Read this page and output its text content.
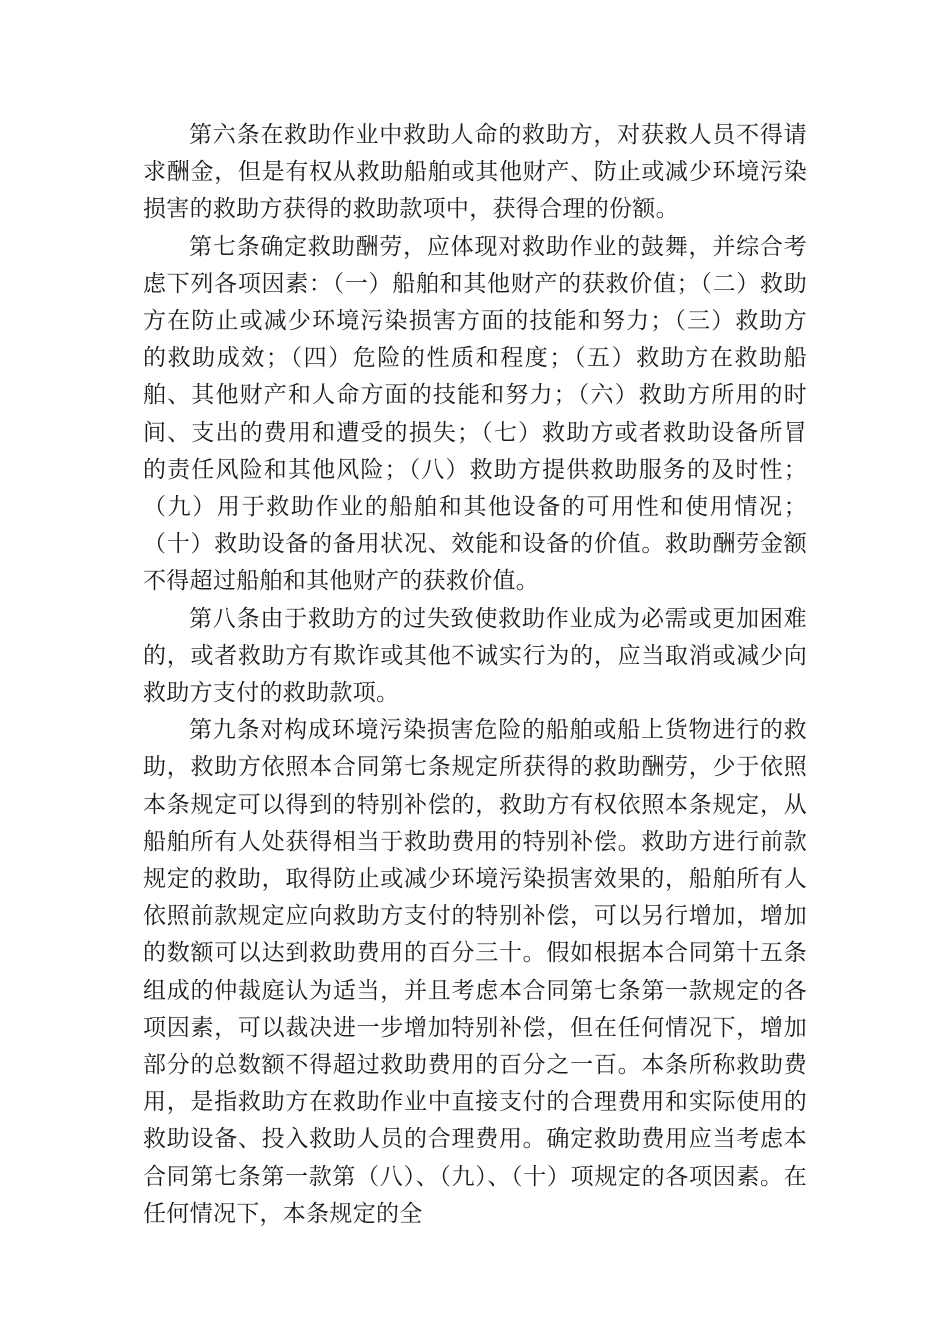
第六条在救助作业中救助人命的救助方，对获救人员不得请求酬金，但是有权从救助船舶或其他财产、防止或减少环境污染损害的救助方获得的救助款项中，获得合理的份额。

第七条确定救助酬劳，应体现对救助作业的鼓舞，并综合考虑下列各项因素：（一）船舶和其他财产的获救价值；（二）救助方在防止或减少环境污染损害方面的技能和努力；（三）救助方的救助成效；（四）危险的性质和程度；（五）救助方在救助船舶、其他财产和人命方面的技能和努力；（六）救助方所用的时间、支出的费用和遭受的损失；（七）救助方或者救助设备所冒的责任风险和其他风险；（八）救助方提供救助服务的及时性；（九）用于救助作业的船舶和其他设备的可用性和使用情况；（十）救助设备的备用状况、效能和设备的价值。救助酬劳金额不得超过船舶和其他财产的获救价值。

第八条由于救助方的过失致使救助作业成为必需或更加困难的，或者救助方有欺诈或其他不诚实行为的，应当取消或减少向救助方支付的救助款项。

第九条对构成环境污染损害危险的船舶或船上货物进行的救助，救助方依照本合同第七条规定所获得的救助酬劳，少于依照本条规定可以得到的特别补偿的，救助方有权依照本条规定，从船舶所有人处获得相当于救助费用的特别补偿。救助方进行前款规定的救助，取得防止或减少环境污染损害效果的，船舶所有人依照前款规定应向救助方支付的特别补偿，可以另行增加，增加的数额可以达到救助费用的百分三十。假如根据本合同第十五条组成的仲裁庭认为适当，并且考虑本合同第七条第一款规定的各项因素，可以裁决进一步增加特别补偿，但在任何情况下，增加部分的总数额不得超过救助费用的百分之一百。本条所称救助费用，是指救助方在救助作业中直接支付的合理费用和实际使用的救助设备、投入救助人员的合理费用。确定救助费用应当考虑本合同第七条第一款第（八）、（九）、（十）项规定的各项因素。在任何情况下，本条规定的全
